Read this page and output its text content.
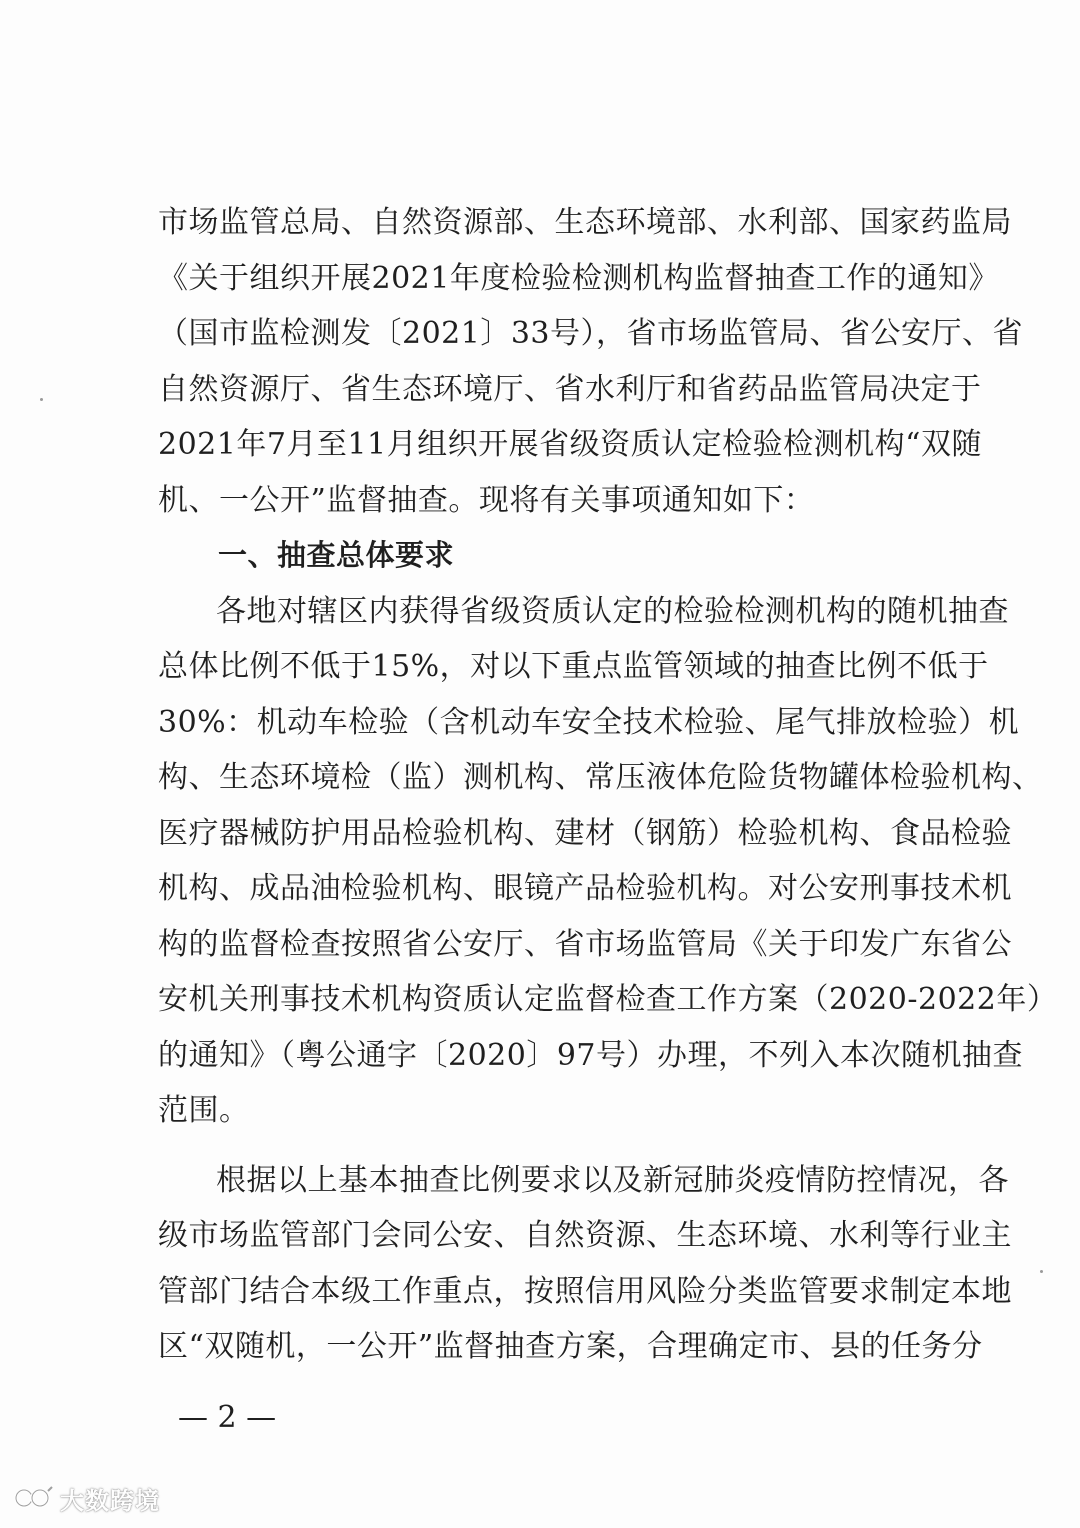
市场监管总局、自然资源部、生态环境部、水利部、国家药监局
《关于组织开展2021年度检验检测机构监督抽查工作的通知》
（国市监检测发〔2021〕33号），省市场监管局、省公安厅、省
自然资源厅、省生态环境厅、省水利厅和省药品监管局决定于
2021年7月至11月组织开展省级资质认定检验检测机构“双随
机、一公开”监督抽查。现将有关事项通知如下：
一、抽查总体要求
各地对辖区内获得省级资质认定的检验检测机构的随机抽查
总体比例不低于15%，对以下重点监管领域的抽查比例不低于
30%：机动车检验（含机动车安全技术检验、尾气排放检验）机
构、生态环境检（监）测机构、常压液体危险货物罐体检验机构、
医疗器械防护用品检验机构、建材（钢筋）检验机构、食品检验
机构、成品油检验机构、眼镜产品检验机构。对公安刑事技术机
构的监督检查按照省公安厅、省市场监管局《关于印发广东省公
安机关刑事技术机构资质认定监督检查工作方案（2020-2022年）
的通知》（粤公通字〔2020〕97号）办理，不列入本次随机抽查
范围。
根据以上基本抽查比例要求以及新冠肺炎疫情防控情况，各
级市场监管部门会同公安、自然资源、生态环境、水利等行业主
管部门结合本级工作重点，按照信用风险分类监管要求制定本地
区“双随机，一公开”监督抽查方案，合理确定市、县的任务分
— 2 —
大数跨境
